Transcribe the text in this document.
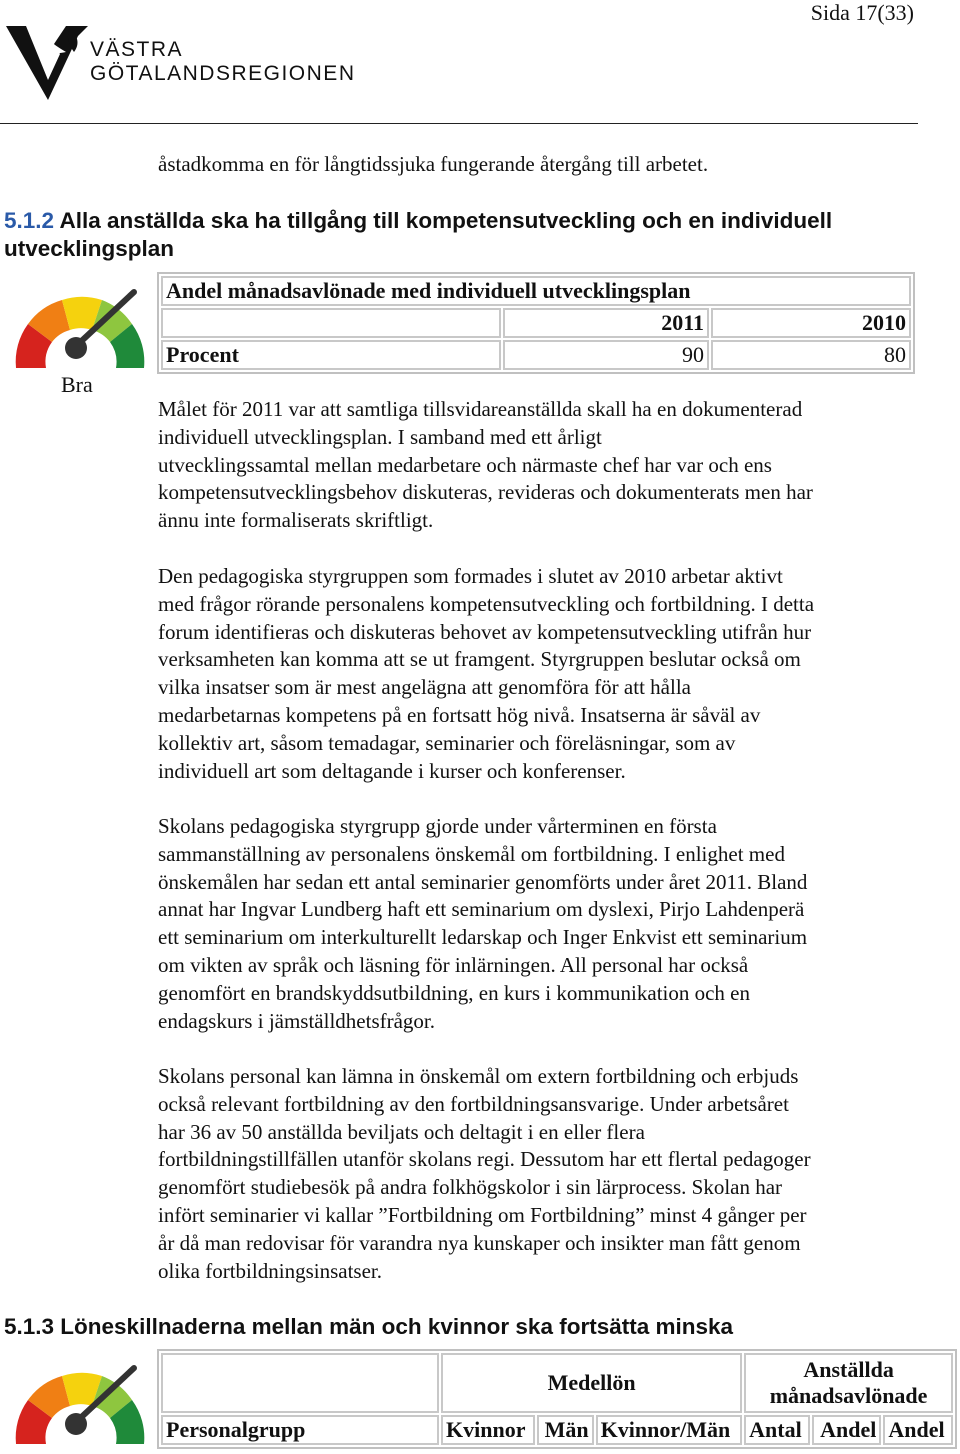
Sida 17(33)
VÄSTRA
GÖTALANDSREGIONEN
åstadkomma en för långtidssjuka fungerande återgång till arbetet.
5.1.2 Alla anställda ska ha tillgång till kompetensutveckling och en individuell
utvecklingsplan
Bra
Andel månadsavlönade med individuell utvecklingsplan		
	2011	2010
Procent	90	80
Målet för 2011 var att samtliga tillsvidareanställda skall ha en dokumenterad
individuell utvecklingsplan. I samband med ett årligt
utvecklingssamtal mellan medarbetare och närmaste chef har var och ens
kompetensutvecklingsbehov diskuteras, revideras och dokumenterats men har
ännu inte formaliserats skriftligt.
Den pedagogiska styrgruppen som formades i slutet av 2010 arbetar aktivt
med frågor rörande personalens kompetensutveckling och fortbildning. I detta
forum identifieras och diskuteras behovet av kompetensutveckling utifrån hur
verksamheten kan komma att se ut framgent. Styrgruppen beslutar också om
vilka insatser som är mest angelägna att genomföra för att hålla
medarbetarnas kompetens på en fortsatt hög nivå. Insatserna är såväl av
kollektiv art, såsom temadagar, seminarier och föreläsningar, som av
individuell art som deltagande i kurser och konferenser.
Skolans pedagogiska styrgrupp gjorde under vårterminen en första
sammanställning av personalens önskemål om fortbildning. I enlighet med
önskemålen har sedan ett antal seminarier genomförts under året 2011. Bland
annat har Ingvar Lundberg haft ett seminarium om dyslexi, Pirjo Lahdenperä
ett seminarium om interkulturellt ledarskap och Inger Enkvist ett seminarium
om vikten av språk och läsning för inlärningen. All personal har också
genomfört en brandskyddsutbildning, en kurs i kommunikation och en
endagskurs i jämställdhetsfrågor.
Skolans personal kan lämna in önskemål om extern fortbildning och erbjuds
också relevant fortbildning av den fortbildningsansvarige. Under arbetsåret
har 36 av 50 anställda beviljats och deltagit i en eller flera
fortbildningstillfällen utanför skolans regi. Dessutom har ett flertal pedagoger
genomfört studiebesök på andra folkhögskolor i sin lärprocess. Skolan har
infört seminarier vi kallar ”Fortbildning om Fortbildning” minst 4 gånger per
år då man redovisar för varandra nya kunskaper och insikter man fått genom
olika fortbildningsinsatser.
5.1.3 Löneskillnaderna mellan män och kvinnor ska fortsätta minska
	Medellön			Anställda
månadsavlönade		

Personalgrupp	Kvinnor	Män	Kvinnor/Män	Antal	Andel	Andel
